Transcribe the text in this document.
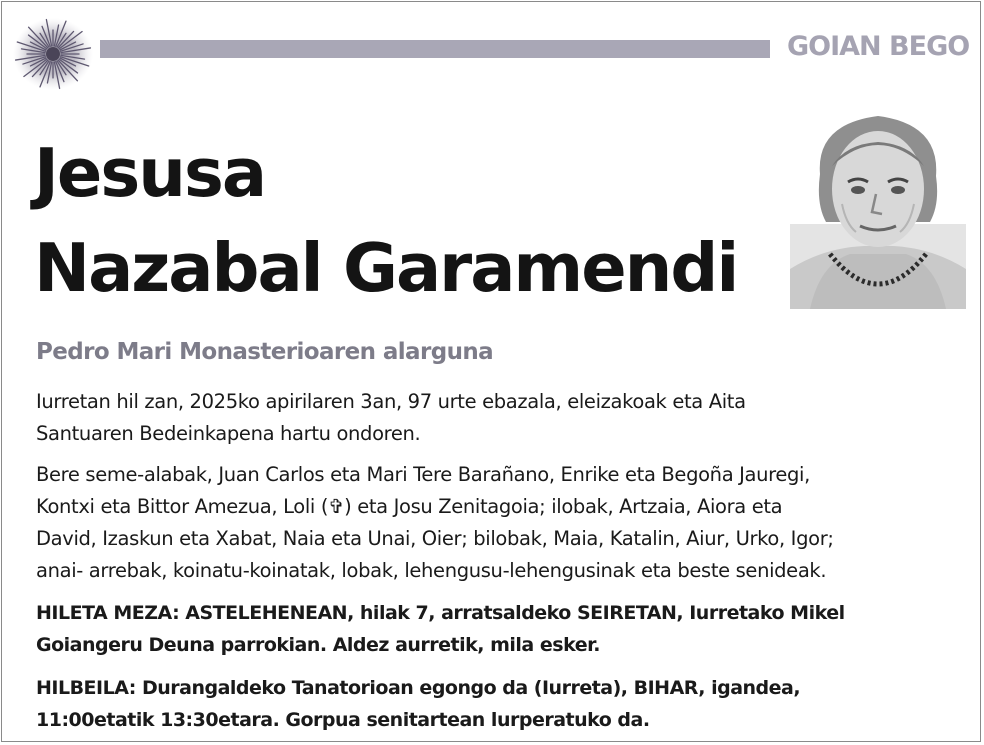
GOIAN BEGO
Jesusa
Nazabal Garamendi
Pedro Mari Monasterioaren alarguna
Iurretan hil zan, 2025ko apirilaren 3an, 97 urte ebazala, eleizakoak eta Aita
Santuaren Bedeinkapena hartu ondoren.
Bere seme-alabak, Juan Carlos eta Mari Tere Barañano, Enrike eta Begoña Jauregi,
Kontxi eta Bittor Amezua, Loli (✞) eta Josu Zenitagoia; ilobak, Artzaia, Aiora eta
David, Izaskun eta Xabat, Naia eta Unai, Oier; bilobak, Maia, Katalin, Aiur, Urko, Igor;
anai- arrebak, koinatu-koinatak, lobak, lehengusu-lehengusinak eta beste senideak.
HILETA MEZA: ASTELEHENEAN, hilak 7, arratsaldeko SEIRETAN, Iurretako Mikel
Goiangeru Deuna parrokian. Aldez aurretik, mila esker.
HILBEILA: Durangaldeko Tanatorioan egongo da (Iurreta), BIHAR, igandea,
11:00etatik 13:30etara. Gorpua senitartean lurperatuko da.
